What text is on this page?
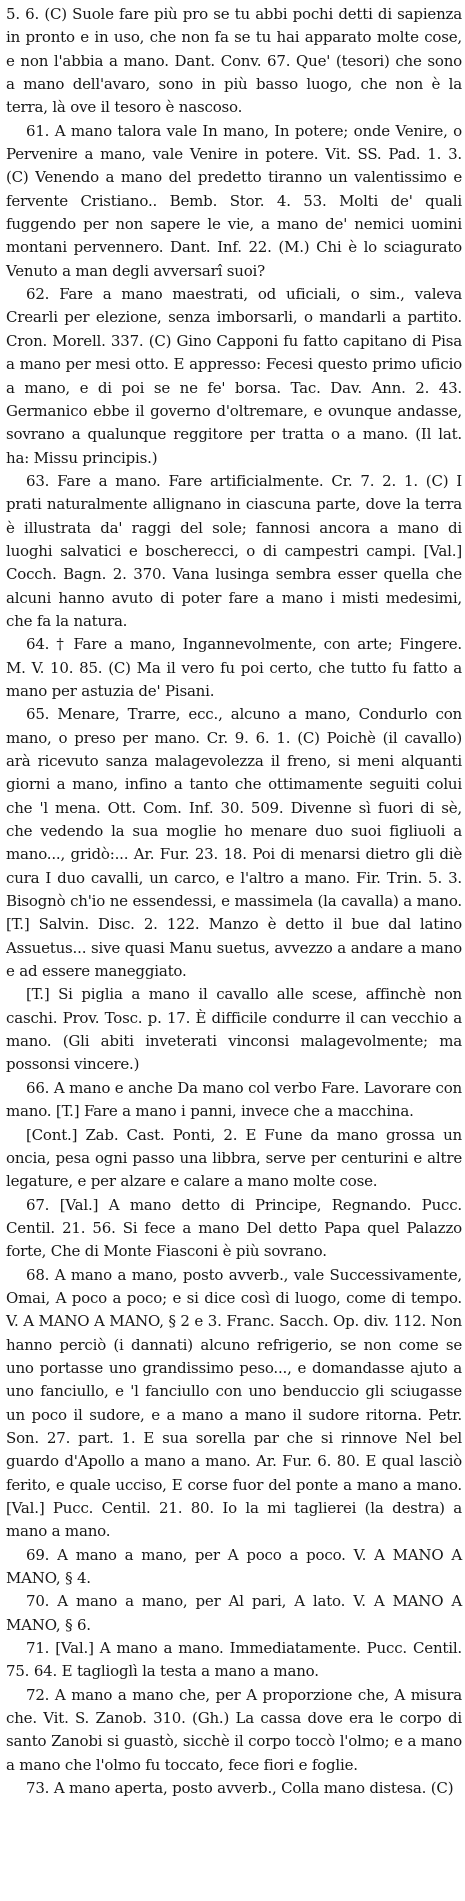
5. 6. (C) Suole fare più pro se tu abbi pochi detti di sapienza in pronto e in uso, che non fa se tu hai apparato molte cose, e non l'abbia a mano. Dant. Conv. 67. Que' (tesori) che sono a mano dell'avaro, sono in più basso luogo, che non è la terra, là ove il tesoro è nascoso.

61. A mano talora vale In mano, In potere; onde Venire, o Pervenire a mano, vale Venire in potere. Vit. SS. Pad. 1. 3. (C) Venendo a mano del predetto tiranno un valentissimo e fervente Cristiano.. Bemb. Stor. 4. 53. Molti de' quali fuggendo per non sapere le vie, a mano de' nemici uomini montani pervennero. Dant. Inf. 22. (M.) Chi è lo sciagurato Venuto a man degli avversarî suoi?

62. Fare a mano maestrati, od uficiali, o sim., valeva Crearli per elezione, senza imborsarli, o mandarli a partito. Cron. Morell. 337. (C) Gino Capponi fu fatto capitano di Pisa a mano per mesi otto. E appresso: Fecesi questo primo uficio a mano, e di poi se ne fe' borsa. Tac. Dav. Ann. 2. 43. Germanico ebbe il governo d'oltremare, e ovunque andasse, sovrano a qualunque reggitore per tratta o a mano. (Il lat. ha: Missu principis.)

63. Fare a mano. Fare artificialmente. Cr. 7. 2. 1. (C) I prati naturalmente allignano in ciascuna parte, dove la terra è illustrata da' raggi del sole; fannosi ancora a mano di luoghi salvatici e boscherecci, o di campestri campi. [Val.] Cocch. Bagn. 2. 370. Vana lusinga sembra esser quella che alcuni hanno avuto di poter fare a mano i misti medesimi, che fa la natura.

64. † Fare a mano, Ingannevolmente, con arte; Fingere. M. V. 10. 85. (C) Ma il vero fu poi certo, che tutto fu fatto a mano per astuzia de' Pisani.

65. Menare, Trarre, ecc., alcuno a mano, Condurlo con mano, o preso per mano. Cr. 9. 6. 1. (C) Poichè (il cavallo) arà ricevuto sanza malagevolezza il freno, si meni alquanti giorni a mano, infino a tanto che ottimamente seguiti colui che 'l mena. Ott. Com. Inf. 30. 509. Divenne sì fuori di sè, che vedendo la sua moglie ho menare duo suoi figliuoli a mano..., gridò:... Ar. Fur. 23. 18. Poi di menarsi dietro gli diè cura I duo cavalli, un carco, e l'altro a mano. Fir. Trin. 5. 3. Bisognò ch'io ne essendessi, e massimela (la cavalla) a mano. [T.] Salvin. Disc. 2. 122. Manzo è detto il bue dal latino Assuetus... sive quasi Manu suetus, avvezzo a andare a mano e ad essere maneggiato.

[T.] Si piglia a mano il cavallo alle scese, affinchè non caschi. Prov. Tosc. p. 17. È difficile condurre il can vecchio a mano. (Gli abiti inveterati vinconsi malagevolmente; ma possonsi vincere.)

66. A mano e anche Da mano col verbo Fare. Lavorare con mano. [T.] Fare a mano i panni, invece che a macchina.

[Cont.] Zab. Cast. Ponti, 2. E Fune da mano grossa un oncia, pesa ogni passo una libbra, serve per centurini e altre legature, e per alzare e calare a mano molte cose.

67. [Val.] A mano detto di Principe, Regnando. Pucc. Centil. 21. 56. Si fece a mano Del detto Papa quel Palazzo forte, Che di Monte Fiasconi è più sovrano.

68. A mano a mano, posto avverb., vale Successivamente, Omai, A poco a poco; e si dice così di luogo, come di tempo. V. A MANO A MANO, § 2 e 3. Franc. Sacch. Op. div. 112. Non hanno perciò (i dannati) alcuno refrigerio, se non come se uno portasse uno grandissimo peso..., e domandasse ajuto a uno fanciullo, e 'l fanciullo con uno benduccio gli sciugasse un poco il sudore, e a mano a mano il sudore ritorna. Petr. Son. 27. part. 1. E sua sorella par che si rinnove Nel bel guardo d'Apollo a mano a mano. Ar. Fur. 6. 80. E qual lasciò ferito, e quale ucciso, E corse fuor del ponte a mano a mano. [Val.] Pucc. Centil. 21. 80. Io la mi taglierei (la destra) a mano a mano.

69. A mano a mano, per A poco a poco. V. A MANO A MANO, § 4.

70. A mano a mano, per Al pari, A lato. V. A MANO A MANO, § 6.

71. [Val.] A mano a mano. Immediatamente. Pucc. Centil. 75. 64. E taglioglì la testa a mano a mano.

72. A mano a mano che, per A proporzione che, A misura che. Vit. S. Zanob. 310. (Gh.) La cassa dove era le corpo di santo Zanobi si guastò, sicchè il corpo toccò l'olmo; e a mano a mano che l'olmo fu toccato, fece fiori e foglie.

73. A mano aperta, posto avverb., Colla mano distesa. (C)
